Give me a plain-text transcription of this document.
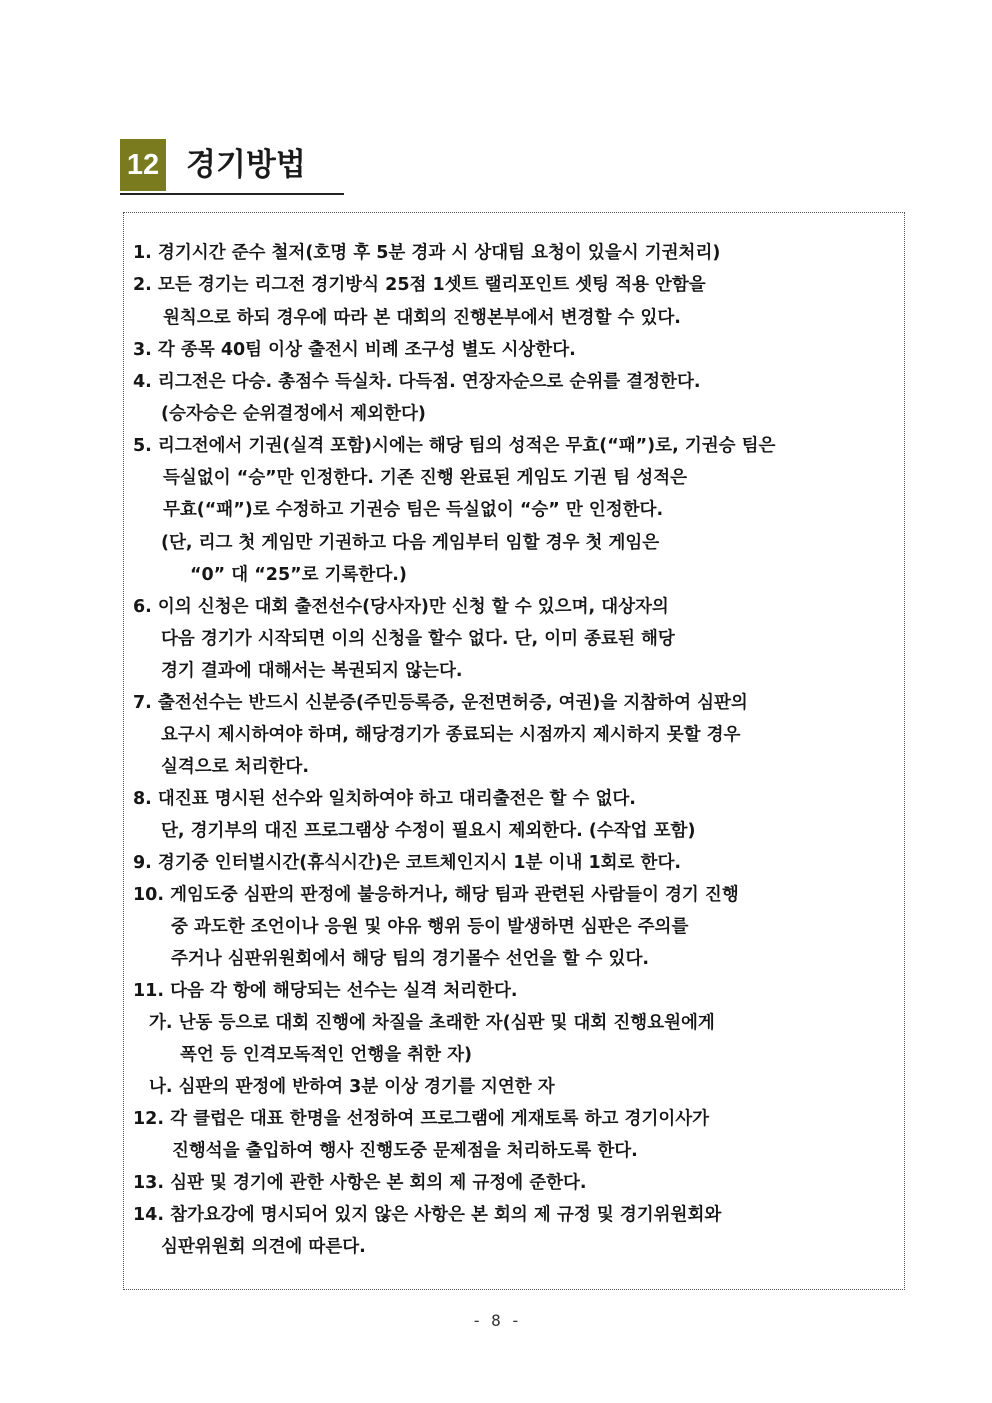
12 경기방법
1. 경기시간 준수 철저(호명 후 5분 경과 시 상대팀 요청이 있을시 기권처리)
2. 모든 경기는 리그전 경기방식 25점 1셋트 랠리포인트 셋팅 적용 안함을
원칙으로 하되 경우에 따라 본 대회의 진행본부에서 변경할 수 있다.
3. 각 종목 40팀 이상 출전시 비례 조구성 별도 시상한다.
4. 리그전은 다승. 총점수 득실차. 다득점. 연장자순으로 순위를 결정한다.
(승자승은 순위결정에서 제외한다)
5. 리그전에서 기권(실격 포함)시에는 해당 팀의 성적은 무효(“패”)로, 기권승 팀은
득실없이 “승”만 인정한다. 기존 진행 완료된 게임도 기권 팀 성적은
무효(“패”)로 수정하고 기권승 팀은 득실없이 “승” 만 인정한다.
(단, 리그 첫 게임만 기권하고 다음 게임부터 임할 경우 첫 게임은
“0” 대 “25”로 기록한다.)
6. 이의 신청은 대회 출전선수(당사자)만 신청 할 수 있으며, 대상자의
다음 경기가 시작되면 이의 신청을 할수 없다. 단, 이미 종료된 해당
경기 결과에 대해서는 복권되지 않는다.
7. 출전선수는 반드시 신분증(주민등록증, 운전면허증, 여권)을 지참하여 심판의
요구시 제시하여야 하며, 해당경기가 종료되는 시점까지 제시하지 못할 경우
실격으로 처리한다.
8. 대진표 명시된 선수와 일치하여야 하고 대리출전은 할 수 없다.
단, 경기부의 대진 프로그램상 수정이 필요시 제외한다. (수작업 포함)
9. 경기중 인터벌시간(휴식시간)은 코트체인지시 1분 이내 1회로 한다.
10. 게임도중 심판의 판정에 불응하거나, 해당 팀과 관련된 사람들이 경기 진행
중 과도한 조언이나 응원 및 야유 행위 등이 발생하면 심판은 주의를
주거나 심판위원회에서 해당 팀의 경기몰수 선언을 할 수 있다.
11. 다음 각 항에 해당되는 선수는 실격 처리한다.
가. 난동 등으로 대회 진행에 차질을 초래한 자(심판 및 대회 진행요원에게
폭언 등 인격모독적인 언행을 취한 자)
나. 심판의 판정에 반하여 3분 이상 경기를 지연한 자
12. 각 클럽은 대표 한명을 선정하여 프로그램에 게재토록 하고 경기이사가
진행석을 출입하여 행사 진행도중 문제점을 처리하도록 한다.
13. 심판 및 경기에 관한 사항은 본 회의 제 규정에 준한다.
14. 참가요강에 명시되어 있지 않은 사항은 본 회의 제 규정 및 경기위원회와
심판위원회 의견에 따른다.
- 8 -
